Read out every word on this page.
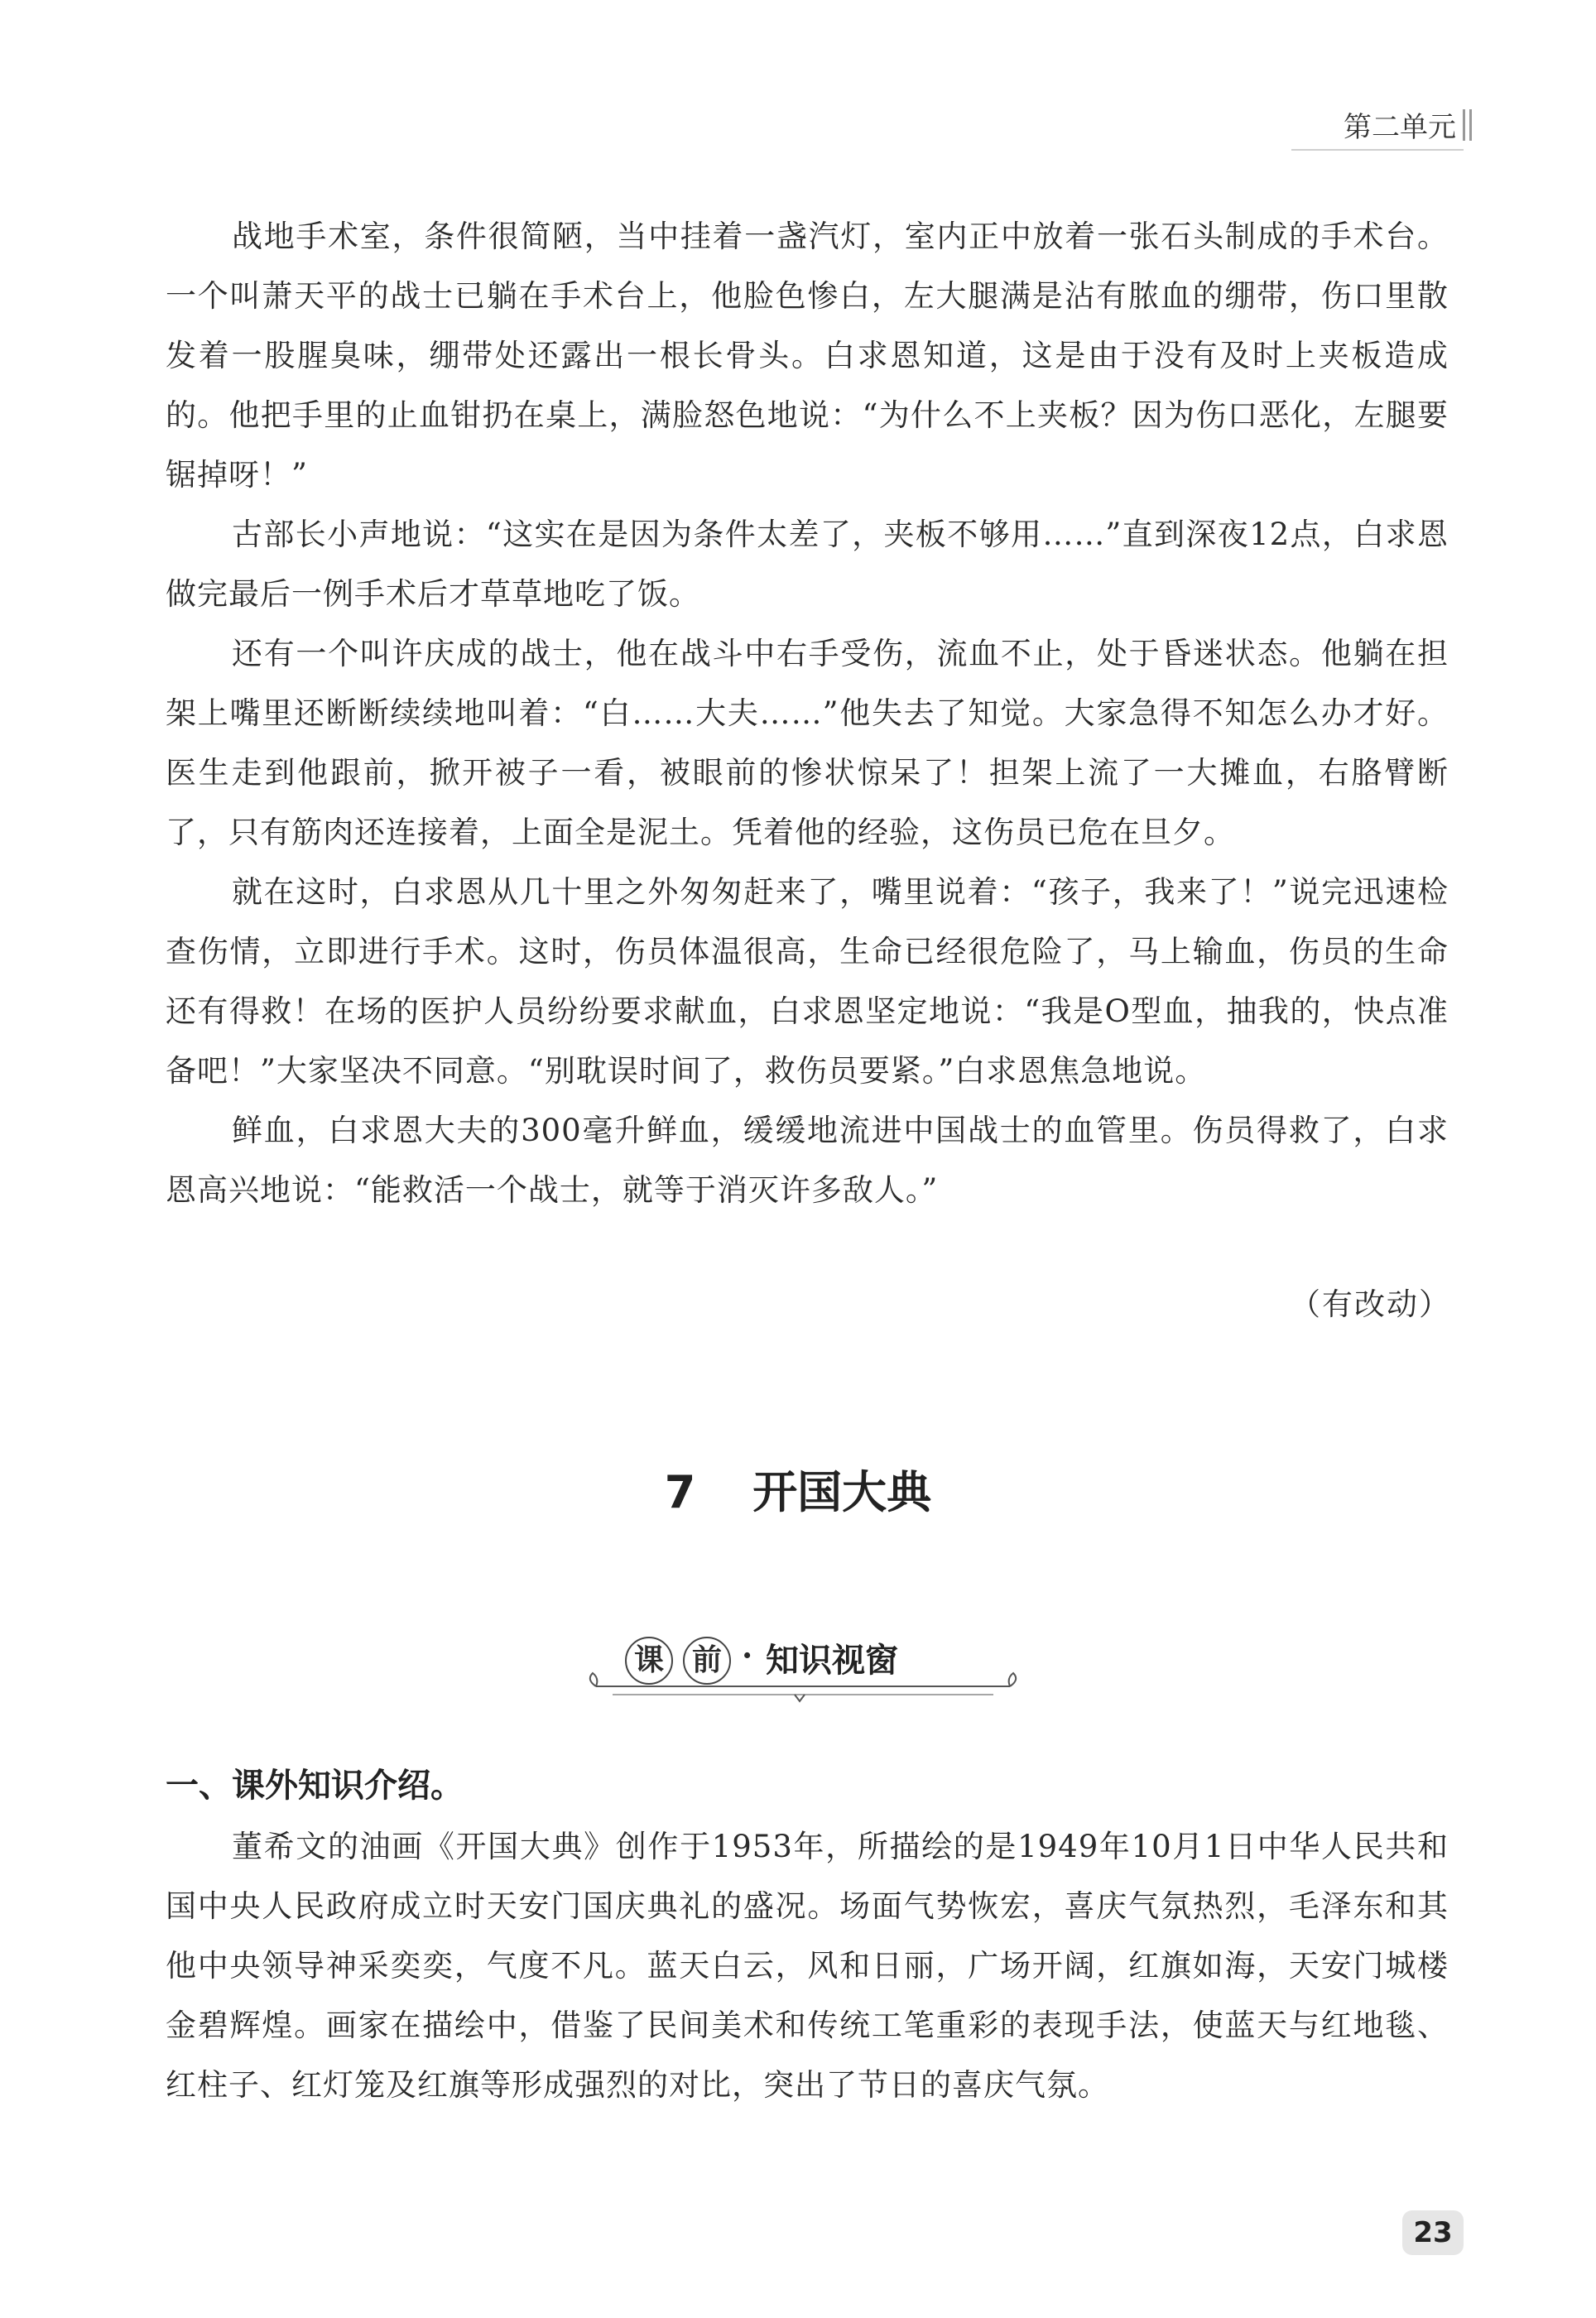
第二单元

战地手术室，条件很简陋，当中挂着一盏汽灯，室内正中放着一张石头制成的手术台。一个叫萧天平的战士已躺在手术台上，他脸色惨白，左大腿满是沾有脓血的绷带，伤口里散发着一股腥臭味，绷带处还露出一根长骨头。白求恩知道，这是由于没有及时上夹板造成的。他把手里的止血钳扔在桌上，满脸怒色地说：“为什么不上夹板？因为伤口恶化，左腿要锯掉呀！”

古部长小声地说：“这实在是因为条件太差了，夹板不够用……”直到深夜12点，白求恩做完最后一例手术后才草草地吃了饭。

还有一个叫许庆成的战士，他在战斗中右手受伤，流血不止，处于昏迷状态。他躺在担架上嘴里还断断续续地叫着：“白……大夫……”他失去了知觉。大家急得不知怎么办才好。医生走到他跟前，掀开被子一看，被眼前的惨状惊呆了！担架上流了一大摊血，右胳臂断了，只有筋肉还连接着，上面全是泥土。凭着他的经验，这伤员已危在旦夕。

就在这时，白求恩从几十里之外匆匆赶来了，嘴里说着：“孩子，我来了！”说完迅速检查伤情，立即进行手术。这时，伤员体温很高，生命已经很危险了，马上输血，伤员的生命还有得救！在场的医护人员纷纷要求献血，白求恩坚定地说：“我是O型血，抽我的，快点准备吧！”大家坚决不同意。“别耽误时间了，救伤员要紧。”白求恩焦急地说。

鲜血，白求恩大夫的300毫升鲜血，缓缓地流进中国战士的血管里。伤员得救了，白求恩高兴地说：“能救活一个战士，就等于消灭许多敌人。”

（有改动）
7 开国大典
课 前 · 知识视窗
一、课外知识介绍。

董希文的油画《开国大典》创作于1953年，所描绘的是1949年10月1日中华人民共和国中央人民政府成立时天安门国庆典礼的盛况。场面气势恢宏，喜庆气氛热烈，毛泽东和其他中央领导神采奕奕，气度不凡。蓝天白云，风和日丽，广场开阔，红旗如海，天安门城楼金碧辉煌。画家在描绘中，借鉴了民间美术和传统工笔重彩的表现手法，使蓝天与红地毯、红柱子、红灯笼及红旗等形成强烈的对比，突出了节日的喜庆气氛。

23
